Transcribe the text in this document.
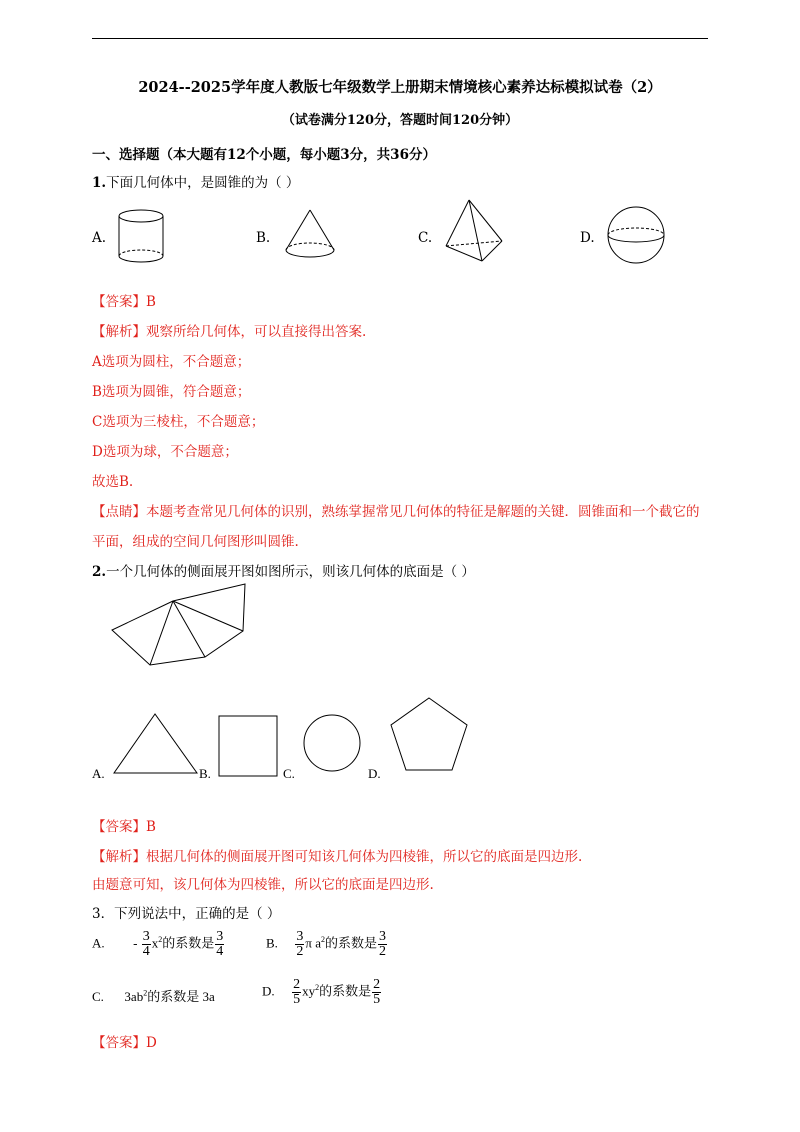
2024--2025学年度人教版七年级数学上册期末情境核心素养达标模拟试卷（2）
（试卷满分120分，答题时间120分钟）
一、选择题（本大题有12个小题，每小题3分，共36分）
1.下面几何体中，是圆锥的为（ ）
A.	B.	C.	D.
【答案】B
【解析】观察所给几何体，可以直接得出答案.
A选项为圆柱，不合题意；
B选项为圆锥，符合题意；
C选项为三棱柱，不合题意；
D选项为球，不合题意；
故选B.
【点睛】本题考查常见几何体的识别，熟练掌握常见几何体的特征是解题的关键．圆锥面和一个截它的
平面，组成的空间几何图形叫圆锥.
2.一个几何体的侧面展开图如图所示，则该几何体的底面是（ ）
A.	B.	C.	D.
【答案】B
【解析】根据几何体的侧面展开图可知该几何体为四棱锥，所以它的底面是四边形.
由题意可知，该几何体为四棱锥，所以它的底面是四边形.
3．下列说法中，正确的是（ ）
A. - $\frac{3}{4} x^2$的系数是 $\frac{3}{4}$	B. $\frac{3}{2}$ π $a^2$的系数是 $\frac{3}{2}$
C. $3ab^2$的系数是 3a	D. $\frac{2}{5} xy^2$的系数是 $\frac{2}{5}$
【答案】D
